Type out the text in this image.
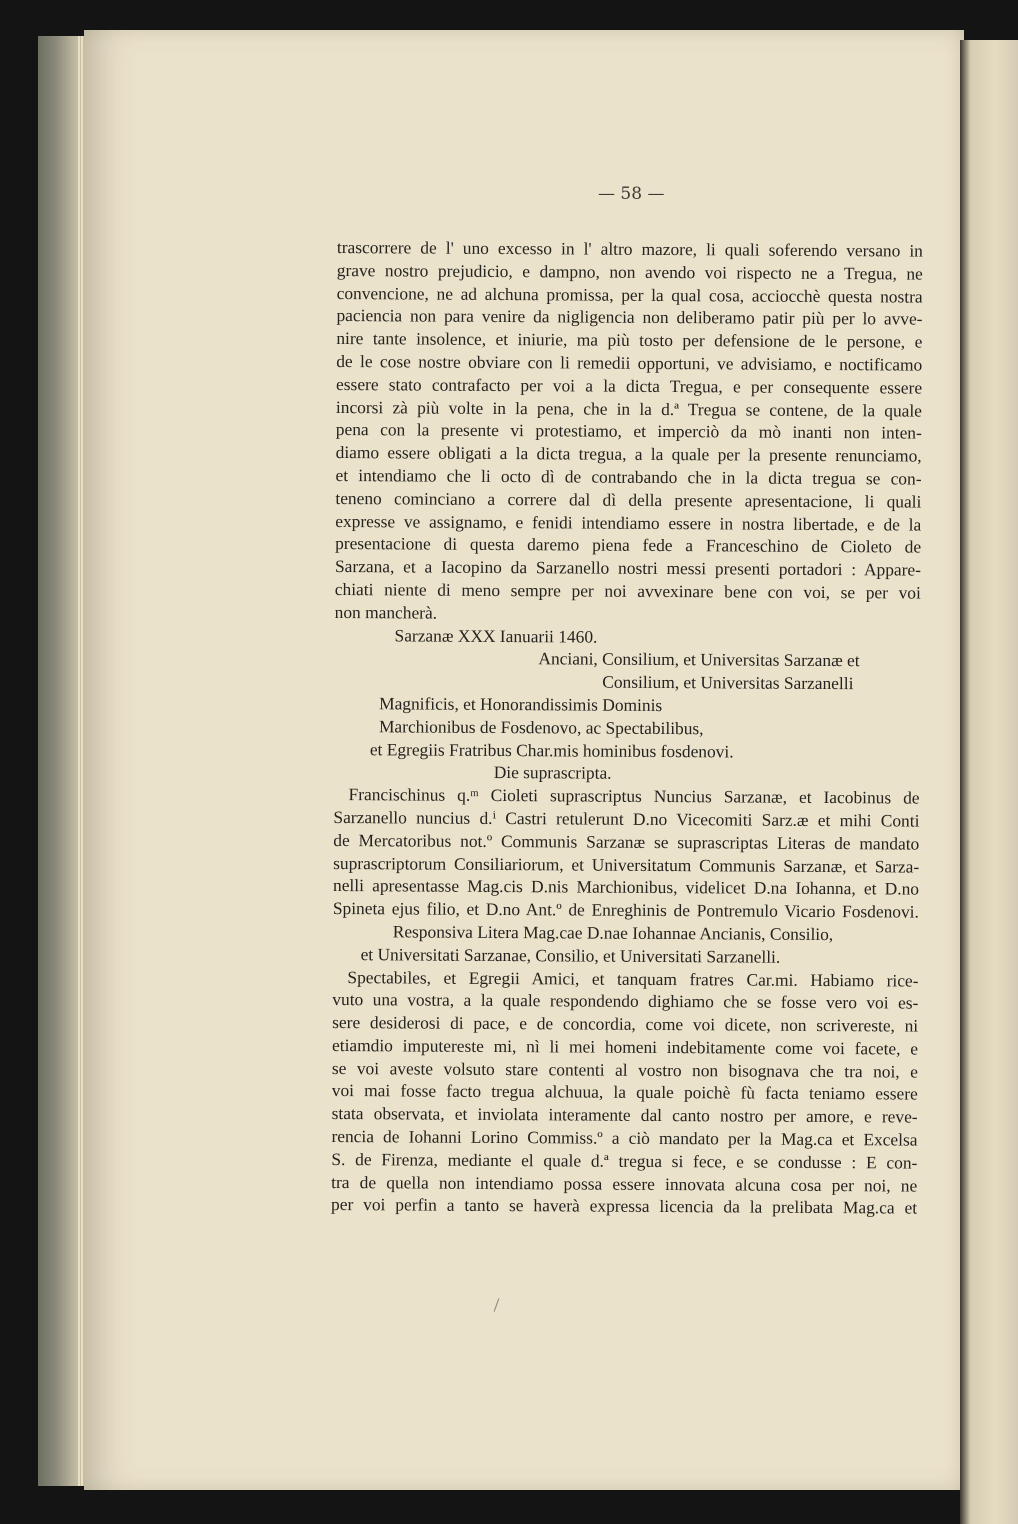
— 58 —
trascorrere de l' uno excesso in l' altro mazore, li quali soferendo versano in
grave nostro prejudicio, e dampno, non avendo voi rispecto ne a Tregua, ne
convencione, ne ad alchuna promissa, per la qual cosa, acciocchè questa nostra
paciencia non para venire da nigligencia non deliberamo patir più per lo avve-
nire tante insolence, et iniurie, ma più tosto per defensione de le persone, e
de le cose nostre obviare con li remedii opportuni, ve advisiamo, e noctificamo
essere stato contrafacto per voi a la dicta Tregua, e per consequente essere
incorsi zà più volte in la pena, che in la d.ª Tregua se contene, de la quale
pena con la presente vi protestiamo, et imperciò da mò inanti non inten-
diamo essere obligati a la dicta tregua, a la quale per la presente renunciamo,
et intendiamo che li octo dì de contrabando che in la dicta tregua se con-
teneno cominciano a correre dal dì della presente apresentacione, li quali
expresse ve assignamo, e fenidi intendiamo essere in nostra libertade, e de la
presentacione di questa daremo piena fede a Franceschino de Cioleto de
Sarzana, et a Iacopino da Sarzanello nostri messi presenti portadori : Appare-
chiati niente di meno sempre per noi avvexinare bene con voi, se per voi
non mancherà.
Sarzanæ XXX Ianuarii 1460.
Anciani, Consilium, et Universitas Sarzanæ et
Consilium, et Universitas Sarzanelli
Magnificis, et Honorandissimis Dominis
Marchionibus de Fosdenovo, ac Spectabilibus,
et Egregiis Fratribus Char.mis hominibus fosdenovi.
Die suprascripta.
Francischinus q.ᵐ Cioleti suprascriptus Nuncius Sarzanæ, et Iacobinus de
Sarzanello nuncius d.ⁱ Castri retulerunt D.no Vicecomiti Sarz.æ et mihi Conti
de Mercatoribus not.º Communis Sarzanæ se suprascriptas Literas de mandato
suprascriptorum Consiliariorum, et Universitatum Communis Sarzanæ, et Sarza-
nelli apresentasse Mag.cis D.nis Marchionibus, videlicet D.na Iohanna, et D.no
Spineta ejus filio, et D.no Ant.º de Enreghinis de Pontremulo Vicario Fosdenovi.
Responsiva Litera Mag.cae D.nae Iohannae Ancianis, Consilio,
et Universitati Sarzanae, Consilio, et Universitati Sarzanelli.
Spectabiles, et Egregii Amici, et tanquam fratres Car.mi. Habiamo rice-
vuto una vostra, a la quale respondendo dighiamo che se fosse vero voi es-
sere desiderosi di pace, e de concordia, come voi dicete, non scrivereste, ni
etiamdio imputereste mi, nì li mei homeni indebitamente come voi facete, e
se voi aveste volsuto stare contenti al vostro non bisognava che tra noi, e
voi mai fosse facto tregua alchuua, la quale poichè fù facta teniamo essere
stata observata, et inviolata interamente dal canto nostro per amore, e reve-
rencia de Iohanni Lorino Commiss.º a ciò mandato per la Mag.ca et Excelsa
S. de Firenza, mediante el quale d.ª tregua si fece, e se condusse : E con-
tra de quella non intendiamo possa essere innovata alcuna cosa per noi, ne
per voi perfin a tanto se haverà expressa licencia da la prelibata Mag.ca et
